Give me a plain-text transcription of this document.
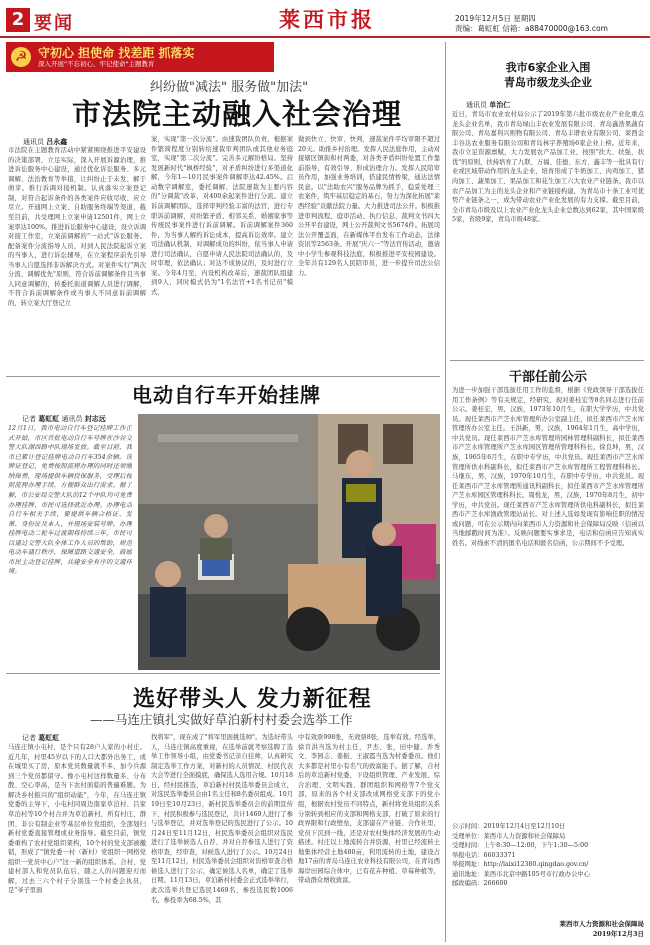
2 要闻	莱西市报	2019年12月5日 星期四
责编：葛虹虹 信箱：a88470000@163.com
☭ 守初心 担使命 找差距 抓落实
深入开展"不忘初心、牢记使命"主题教育
纠纷做"减法" 服务做"加法"
市法院主动融入社会治理
通讯员 吕永鑫
市法院在主题教育活动中紧紧围绕推进平安建设的决策部署，立足实际，深入开展诉源治理，推进诉讼服务中心建设，通过优化诉讼服务、多元调解、法治教育等举措，让纠纷止于未发、解于萌芽。推行诉调对接机制。认真落实立案登记制，对符合起诉条件的各类案件应收尽收、应立尽立。开通网上立案、自助服务终端等渠道，截至目前，共受理网上立案申请12501件，网上立案率达100%。推进诉讼服务中心建设，设立诉调对接工作室，立案前调解的"一站式"诉讼服务。配备案件分流指导人员，对到人民法院起诉立案的当事人，进行诉讼辅导，在立案程序前先引导当事人自愿选择非诉解决方式。对案件实行"两次分流、调解优先"原则，符合诉前调解条件且当事人同意调解的，转委托街道调解人员进行调解，不符合诉前调解条件或当事人不同意诉前调解的，转立案大厅登记立
案，实现"第一次分流"。由速裁团队负责，根据案件繁简程度分别转给速裁审判团队或其他业务庭室，实现"第二次分流"。完善多元解纷格局。坚持发展新时代"枫桥经验"，对矛盾纠纷进行多渠道化解，今年1—10月民事案件调解率达42.45%。启动数字调解室，委托调解、法院速裁为主要内容的"分调裁"改革，对400余起案件进行分流。建立诉前调解团队，选择审判经验丰富的法官，进行专职诉前调解，对纷繁矛盾、相邻关系、婚姻家事等传统民事案件进行诉前调解。诉前调解案件360件，为当事人解约诉讼成本，提高诉讼效率。建立司法确认机制，对调解成功的纠纷，依当事人申请进行司法确认，自愿申请人民法院司法确认的，及时审理，依法确认；对达不成协议的，及时进行立案。今年4月至，内设机构改革后，速裁团队组建到9人，同时模式仍为"1名法官+1名书记员"模式，
做到快立、快审、快判，速裁案件平均审限不超过20天。助推乡村治理。发挥人民法庭作用，主动对接辖区镇街和村两委，对各类矛盾纠纷处置工作靠前指导，有效引导、形成治理合力。发挥人民陪审员作用，加强业务培训，搭建民情桥梁，通达法情民意。以"法助农兴"服务品牌为抓手，稳妥处理三农案件，筑牢基层稳定的基石，努力为深化拓展"莱西经验"贡献法院力量。大力推进司法公开。积极推进审判流程、庭审活动、执行信息、裁判文书四大公开平台建设，网上公开裁判文书5674件。拓展司法公开覆盖面，在新媒体平台发布工作动态，法律资讯等2563条。开展"庆六一"等法官传活动，邀请中小学生参观科技法庭，积极推进平安校园建设。全年共有129名人民陪审员，进一步提升司法公信力。
电动自行车开始挂牌
记者 葛虹虹 通讯员 封志远
12月1日，我市电动自行车登记挂牌工作正式开始，市区首批电动自行车号牌在沙谷交警大队湖西路中队现场发放。截至目前，我市已累计登记挂牌电动自行车354余辆。该牌证登记，免费按照流程办理的同时还须缴纳保费，现场提供车辆投保服务，受理后按照流程办理手续，方便群众出行需求。据了解，市公安局交警大队的12个中队均可免费办理挂牌，市民可选择就近办理。办理电动自行车相关手续，要提供车辆合格证、发票、身份证及本人，并现场安装号牌。办理挂牌电动二轮车过渡期将持续三年，市民可以通过交警大队全体工作人员的帮助，规范电动车通行秩序，保障道路交通安全，鼓励市民主动登记挂牌，共建安全有序的交通环境。
选好带头人 发力新征程
——马连庄镇扎实做好草泊新村村委会选举工作
记者 葛虹虹
马连庄镇小屯村，是个只有28户人家的小村庄。近几年，村里45岁以下的人口大都外出务工，或在城里买了房，原本党员数量就不多，加今兵源到三个党员都留守。像小屯村这样数量多、分布散、空心率高，是当下农村面临的普遍难题。为解决乡村振兴的"组织动能"，今年，在马连庄镇党委的主导下，小屯村同周边南家草泊村、吕家草泊村等10个村合并为草泊新村，所有村庄、群团、非公有制企业等基层单位党组织，全部划归新村党委直接管理或业务指导。截至目前，镇党委重构了农村党组织架构，10个村的党支部被撤销，形成了"镇党委一村（新村）党组织一网格党组织一党员中心户"这一新的组织体系。合村、党建村部人和党员队伍后，随之人的问题迎刃而解，过去三六个村子分别选一个村委会执员，是"爷子里面
找将军"，现在成了"将军里面挑选帅"。为选好带头人，马连庄镇高度重视，在选举前就考察选聘了选举工作领导小组，由党委书记亲自挂帅，认真研究制定选举工作方案，对新村的人员情况、村民代表大会等进行全面摸底，确保选人选用合规。10月18日，经村民推选，草泊新村村民选举委员会成立，对选民选举委员会由1名主任和8名委员组成。10月19日至10月23日，新村民选举委员会的前期宣传下，村民积极参与选民登记，共计1469人进行了参与选举登记，并对选举登记的选民进行了公示。10月24日至11月12日，村民选举委员会组织对选民进行了选举候选人自荐、并对自荐参选人进行了资格审查，经审查，对候选人进行了公示。10月24日至11月12日，村民选举委员会组织对资格审查合格候选人进行了公示，确定候选人名单，确定了选举日期。11月13日，草泊新村村委会正式选举举行，此次选举共登记选民1469名，参投选民数1006名，参投率为68.5%，其
中有效票998张，无效票8张，选举有效。经选举，徐肯洪当选为村主任，尹杰、张，田中健、乔秀文、李园志、姜振、王淑霞当选为村委委员。他们大多都是村里小有名气的致富能手。据了解，合村后的草泊新村党委，下设组织管理、产业发展、综合治理、文明实践、群团组织和网格等7个党支部，原来的各个村支部改成网格党支部下的党小组，根据农村党员不同特点，新村将党员组织关系分别转到相应的支部和网格支部，打破了原来的行政界限和行政壁垒，支部建在产业链、合作社里，党员下沉到一线，还是对农村集体经济发展的生动描述。村庄以上地流转合并资源，村里已经流转土地集体经营土地480亩，利用流转的土地，建设占地17亩的青岛马连庄农业科技有限公司，在青岛西海岸田园综合体中，已有花卉种植、草莓种植等，带动群众增收致富。
我市6家企业入围
青岛市级龙头企业
通讯员 单治仁
近日，青岛市农业农村局公示了2019年第六批市级农业产业化重点龙头企业名单，我市青岛绿山丰农业发展有限公司、青岛鑫浩果蔬有限公司、青岛嘉利兴则物有限公司、青岛丰谱农业有限公司、莱西金丰谷达农业服务有限公司和青岛林宇养殖场6家企业上榜。近年来，我市立足资源禀赋，大力发展农产品加工业，按照"扶大、扶强、扶优"的原则，扶持培育了九联、万福、佳德、东方、鑫丰等一批具有行业或区域带动作用的龙头企业，培育形成了牛奶加工、肉鸡加工、猪肉加工、蔬果加工、果品加工和花生加工六大农业产业链条。我市以农产品加工为主的龙头企业和产业链接构建，为青岛市十条工业可优势产业链条之一，成为带动农业产业化发展的有力支撑。截至目前，全市青岛市级及以上农业产业化龙头企业总数达到62家，其中国家级5家，省级9家，青岛市级48家。
干部任前公示
为进一步加强干部选拔任用工作的监督，根据《党政领导干部选拔任用工作条例》等有关规定，经研究，现对姜桂宏等8名同志进行任前公示。姜桂宏，男，汉族，1973年10月生，在职大学学历，中共党员。现任莱西市产芝水库管理所办公室副主任，拟任莱西市产芝水库管理所办公室主任。王洪新，男，汉族，1964年1月生，高中学历，中共党员。现任莱西市产芝水库管理所园林管理科副科长，拟任莱西市产芝水库管理所产芝水库园区管理所管理科科长。徐良坤，男，汉族，1965年6月生，在职中专学历，中共党员。现任莱西市产芝水库管理所供水科副科长，拟任莱西市产芝水库管理所工程管理科科长。马继东，男，汉族，1970年10月生，在职中专学历，中共党员。现任莱西市产芝水库管理所通讯科副科长，拟任莱西市产芝水库管理所产芝水库园区管理科科长。周悦龙，男，汉族，1970年8月生，初中学历，中共党员。现任莱西市产芝水库管理所供电科副科长，拟任莱西市产芝水库渔政管理站站长。对上述人选如发现有影响任职的情况或问题，可在公示期内向莱西市人力资源和社会保障局反映（信函以当地邮戳时间为准）。反映问题要实事求是，电话和信函应告知真实姓名。对线索不清的匿名电话和匿名信函，公示期间不予受理。
公示时间：2019年12月4日至12月10日
受理单位：莱西市人力资源和社会保障局
受理时间：上午8:30—12:00，下午1:30—5:00
举报电话：66033371
举报网址：http://laixi12380.qingdao.gov.cn/
通讯地址：莱西市北京中路105号市行政办公中心
邮政编码：266600
莱西市人力资源和社会保障局
2019年12月3日
